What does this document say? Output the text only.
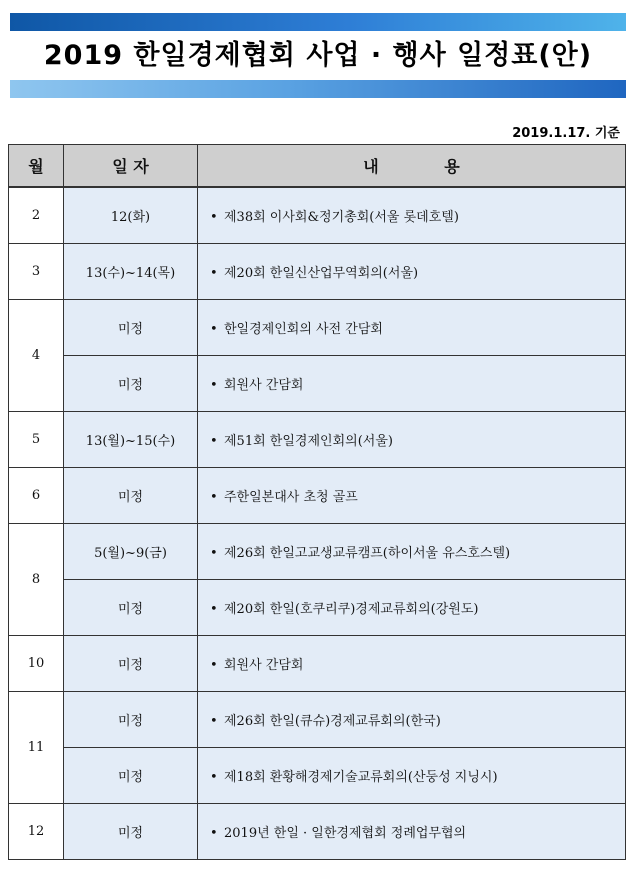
2019 한일경제협회 사업 · 행사 일정표(안)
2019.1.17. 기준
월	일 자	내 용
2	12(화)	• 제38회 이사회&정기총회(서울 롯데호텔)
3	13(수)~14(목)	• 제20회 한일신산업무역회의(서울)
4	미정	• 한일경제인회의 사전 간담회
	미정	• 회원사 간담회
5	13(월)~15(수)	• 제51회 한일경제인회의(서울)
6	미정	• 주한일본대사 초청 골프
8	5(월)~9(금)	• 제26회 한일고교생교류캠프(하이서울 유스호스텔)
	미정	• 제20회 한일(호쿠리쿠)경제교류회의(강원도)
10	미정	• 회원사 간담회
11	미정	• 제26회 한일(큐슈)경제교류회의(한국)
	미정	• 제18회 환황해경제기술교류회의(산둥성 지닝시)
12	미정	• 2019년 한일 · 일한경제협회 정례업무협의
